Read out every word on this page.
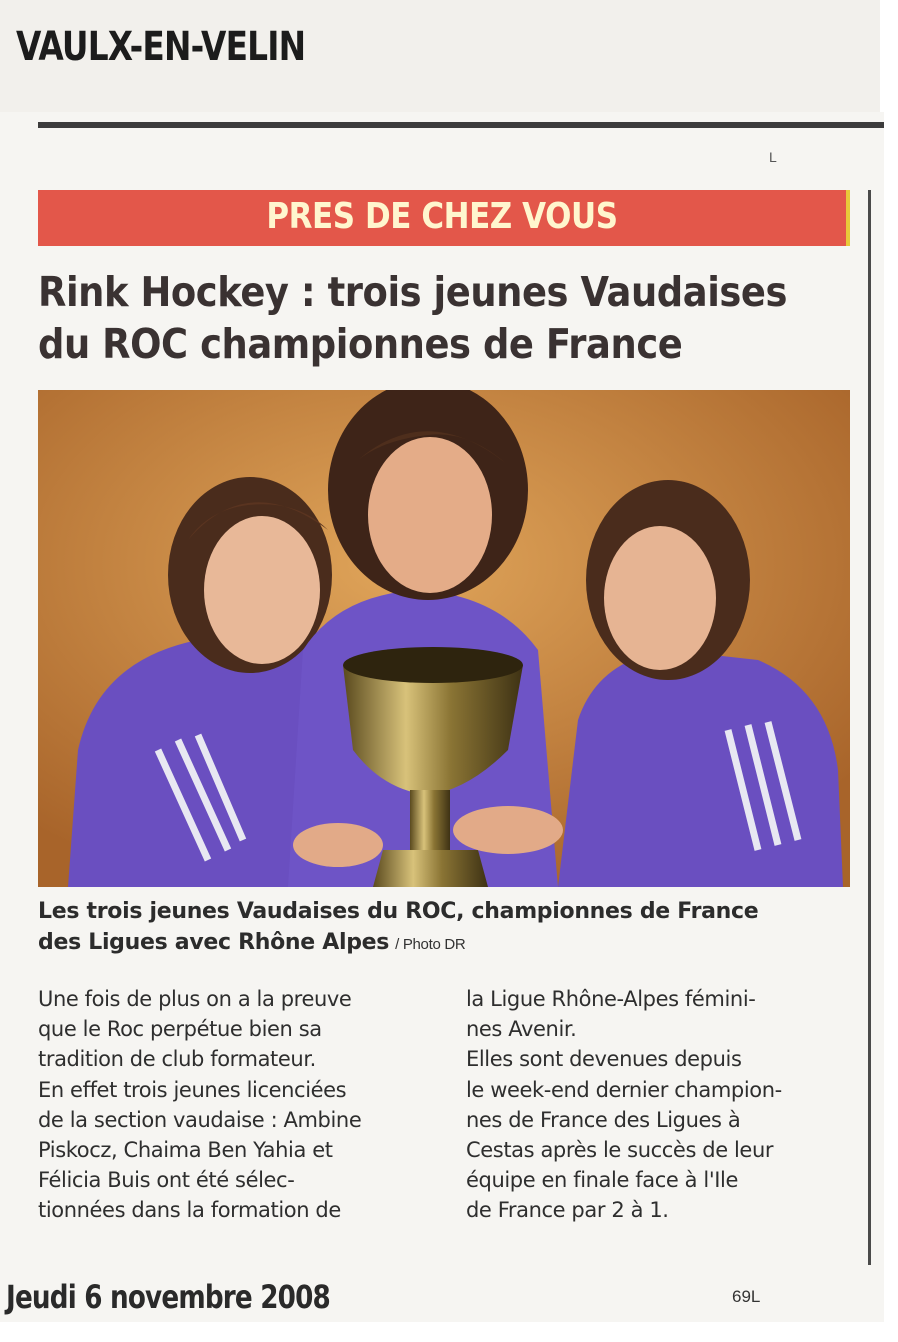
VAULX-EN-VELIN
L
PRES DE CHEZ VOUS
Rink Hockey : trois jeunes Vaudaises
du ROC championnes de France
Les trois jeunes Vaudaises du ROC, championnes de France
des Ligues avec Rhône Alpes / Photo DR
Une fois de plus on a la preuve
que le Roc perpétue bien sa
tradition de club formateur.
En effet trois jeunes licenciées
de la section vaudaise : Ambine
Piskocz, Chaima Ben Yahia et
Félicia Buis ont été sélec-
tionnées dans la formation de
la Ligue Rhône-Alpes fémini-
nes Avenir.
Elles sont devenues depuis
le week-end dernier champion-
nes de France des Ligues à
Cestas après le succès de leur
équipe en finale face à l'Ile
de France par 2 à 1.
Jeudi 6 novembre 2008	69L
